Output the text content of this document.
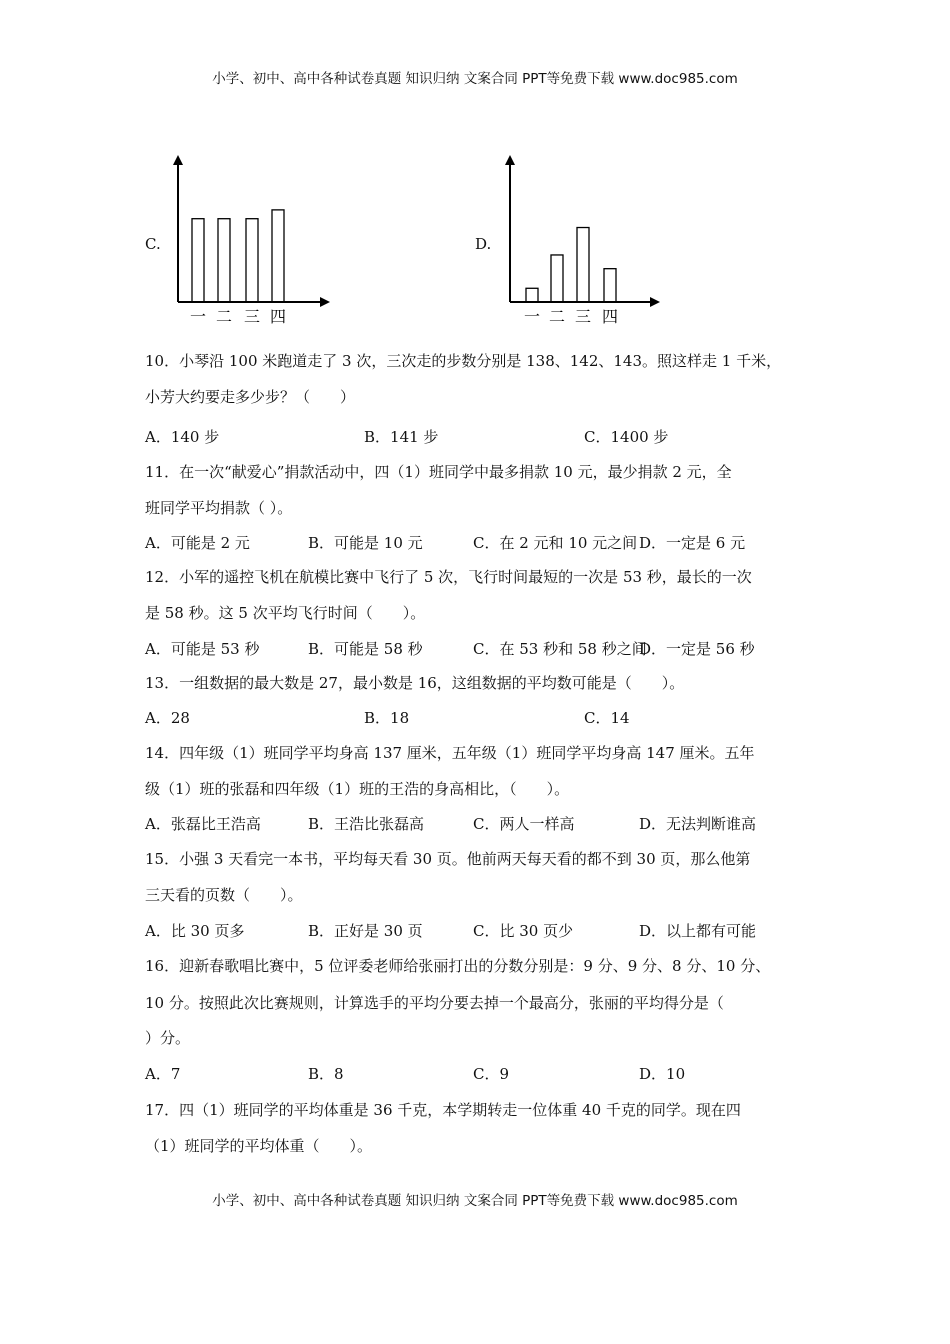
小学、初中、高中各种试卷真题 知识归纳 文案合同 PPT等免费下载 www.doc985.com
C.	D.
一 二 三 四	一 二 三 四
10．小琴沿 100 米跑道走了 3 次，三次走的步数分别是 138、142、143。照这样走 1 千米，
小芳大约要走多少步？（　　）
A．140 步	B．141 步	C．1400 步
11．在一次“献爱心”捐款活动中，四（1）班同学中最多捐款 10 元，最少捐款 2 元，全
班同学平均捐款（ ）。
A．可能是 2 元	B．可能是 10 元	C．在 2 元和 10 元之间 D．一定是 6 元
12．小军的遥控飞机在航模比赛中飞行了 5 次，飞行时间最短的一次是 53 秒，最长的一次
是 58 秒。这 5 次平均飞行时间（　　）。
A．可能是 53 秒	B．可能是 58 秒	C．在 53 秒和 58 秒之间
D．一定是 56 秒
13．一组数据的最大数是 27，最小数是 16，这组数据的平均数可能是（　　）。
A．28	B．18	C．14
14．四年级（1）班同学平均身高 137 厘米，五年级（1）班同学平均身高 147 厘米。五年
级（1）班的张磊和四年级（1）班的王浩的身高相比，（　　）。
A．张磊比王浩高	B．王浩比张磊高	C．两人一样高	D．无法判断谁高
15．小强 3 天看完一本书，平均每天看 30 页。他前两天每天看的都不到 30 页，那么他第
三天看的页数（　　）。
A．比 30 页多	B．正好是 30 页	C．比 30 页少	D．以上都有可能
16．迎新春歌唱比赛中，5 位评委老师给张丽打出的分数分别是：9 分、9 分、8 分、10 分、
10 分。按照此次比赛规则，计算选手的平均分要去掉一个最高分，张丽的平均得分是（
）分。
A．7	B．8	C．9	D．10
17．四（1）班同学的平均体重是 36 千克，本学期转走一位体重 40 千克的同学。现在四
（1）班同学的平均体重（　　）。
小学、初中、高中各种试卷真题 知识归纳 文案合同 PPT等免费下载 www.doc985.com
